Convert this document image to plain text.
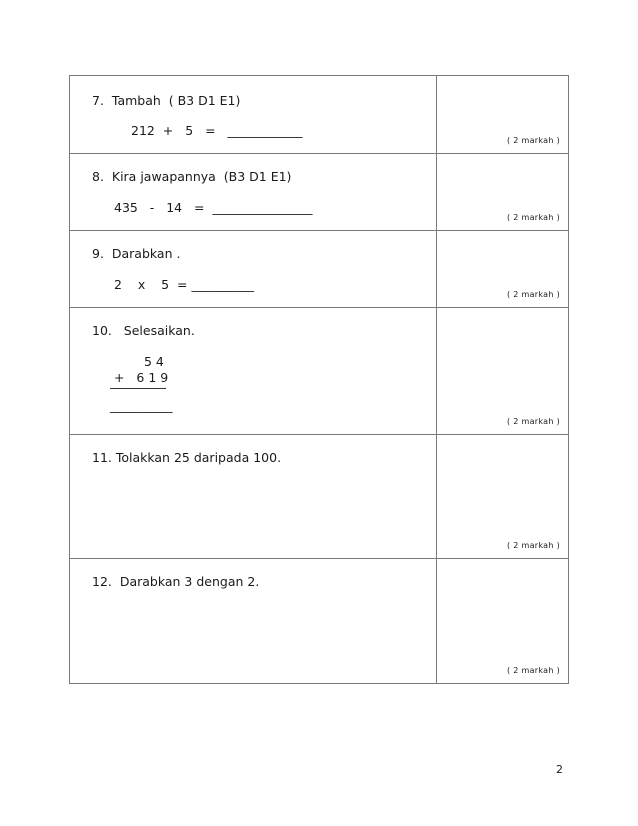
7.  Tambah  ( B3 D1 E1)
212  +   5   =   ____________	( 2 markah )

8.  Kira jawapannya  (B3 D1 E1)
435   -   14   =  ________________	( 2 markah )

9.  Darabkan .
2    x    5  = __________	( 2 markah )

10.   Selesaikan.
5 4
+   6 1 9
__________	( 2 markah )

11. Tolakkan 25 daripada 100.	( 2 markah )

12.  Darabkan 3 dengan 2.	( 2 markah )
2
